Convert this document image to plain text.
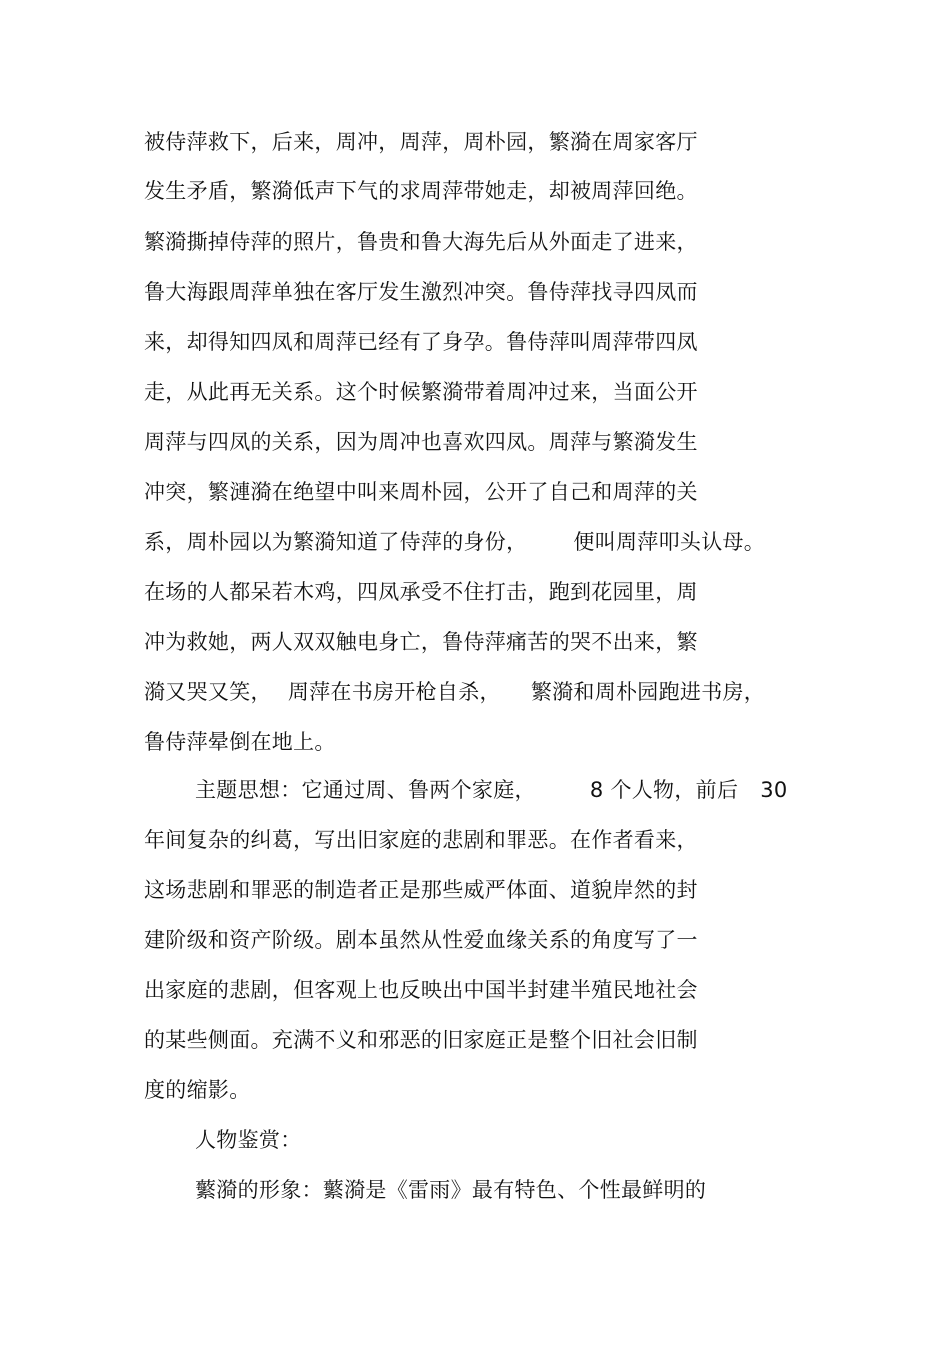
被侍萍救下，后来，周冲，周萍，周朴园，繁漪在周家客厅
发生矛盾，繁漪低声下气的求周萍带她走，却被周萍回绝。
繁漪撕掉侍萍的照片，鲁贵和鲁大海先后从外面走了进来，
鲁大海跟周萍单独在客厅发生激烈冲突。鲁侍萍找寻四凤而
来，却得知四凤和周萍已经有了身孕。鲁侍萍叫周萍带四凤
走，从此再无关系。这个时候繁漪带着周冲过来，当面公开
周萍与四凤的关系，因为周冲也喜欢四凤。周萍与繁漪发生
冲突，繁漣漪在绝望中叫来周朴园，公开了自己和周萍的关
系，周朴园以为繁漪知道了侍萍的身份， 便叫周萍叩头认母。
在场的人都呆若木鸡，四凤承受不住打击，跑到花园里，周
冲为救她，两人双双触电身亡，鲁侍萍痛苦的哭不出来，繁
漪又哭又笑， 周萍在书房开枪自杀， 繁漪和周朴园跑进书房，
鲁侍萍晕倒在地上。
主题思想：它通过周、鲁两个家庭，	8 个人物，前后 30
年间复杂的纠葛，写出旧家庭的悲剧和罪恶。在作者看来，
这场悲剧和罪恶的制造者正是那些威严体面、道貌岸然的封
建阶级和资产阶级。剧本虽然从性爱血缘关系的角度写了一
出家庭的悲剧，但客观上也反映出中国半封建半殖民地社会
的某些侧面。充满不义和邪恶的旧家庭正是整个旧社会旧制
度的缩影。
人物鉴赏：
蘩漪的形象：蘩漪是《雷雨》最有特色、个性最鲜明的
